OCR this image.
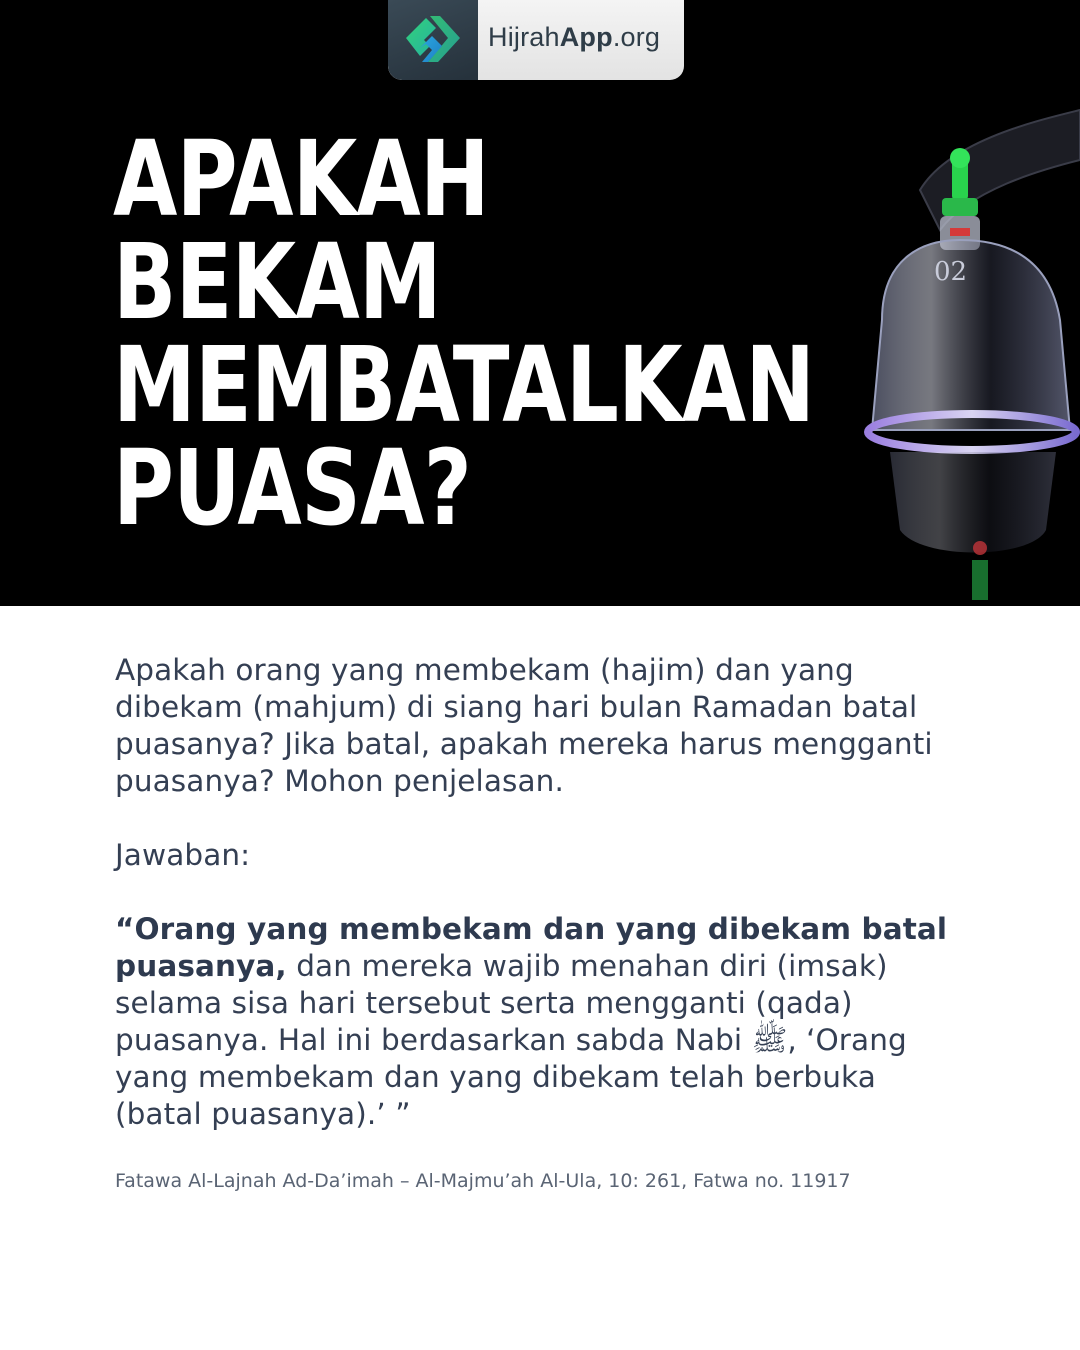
HijrahApp.org
APAKAH
BEKAM
MEMBATALKAN
PUASA?
02

Apakah orang yang membekam (hajim) dan yang dibekam (mahjum) di siang hari bulan Ramadan batal puasanya? Jika batal, apakah mereka harus mengganti puasanya? Mohon penjelasan.

Jawaban:

“Orang yang membekam dan yang dibekam batal puasanya, dan mereka wajib menahan diri (imsak) selama sisa hari tersebut serta mengganti (qada) puasanya. Hal ini berdasarkan sabda Nabi ﷺ, ‘Orang yang membekam dan yang dibekam telah berbuka (batal puasanya).’ ”

Fatawa Al-Lajnah Ad-Da’imah – Al-Majmu’ah Al-Ula, 10: 261, Fatwa no. 11917
